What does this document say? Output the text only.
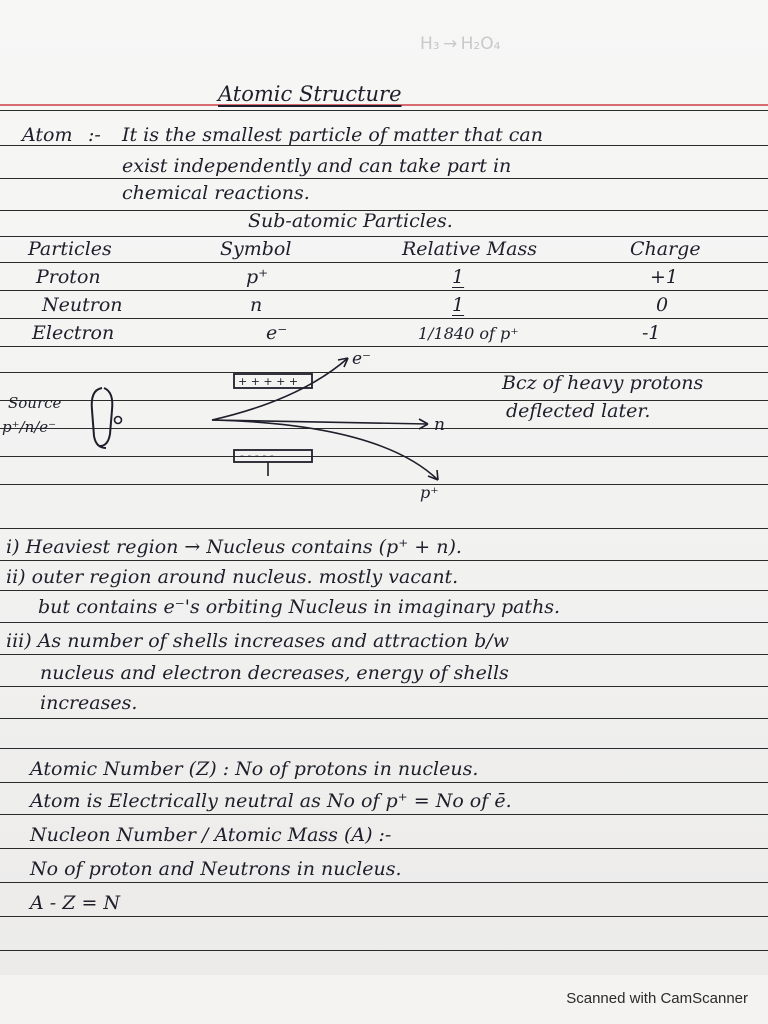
H₃ → H₂O₄
Atomic Structure
Atom :- It is the smallest particle of matter that can
exist independently and can take part in
chemical reactions.
Sub-atomic Particles.
Particles	Symbol	Relative Mass	Charge
Proton	p⁺	1	+1
Neutron	n	1	0
Electron	e⁻	1/1840 of p⁺	-1
+ + + + +
- - - - -
e⁻
n
p⁺
Source
p⁺/n/e⁻
Bcz of heavy protons
deflected later.
i) Heaviest region → Nucleus contains (p⁺ + n).
ii) outer region around nucleus. mostly vacant.
but contains e⁻'s orbiting Nucleus in imaginary paths.
iii) As number of shells increases and attraction b/w
nucleus and electron decreases, energy of shells
increases.
Atomic Number (Z) : No of protons in nucleus.
Atom is Electrically neutral as No of p⁺ = No of ē.
Nucleon Number / Atomic Mass (A) :-
No of proton and Neutrons in nucleus.
A - Z = N
Scanned with CamScanner
